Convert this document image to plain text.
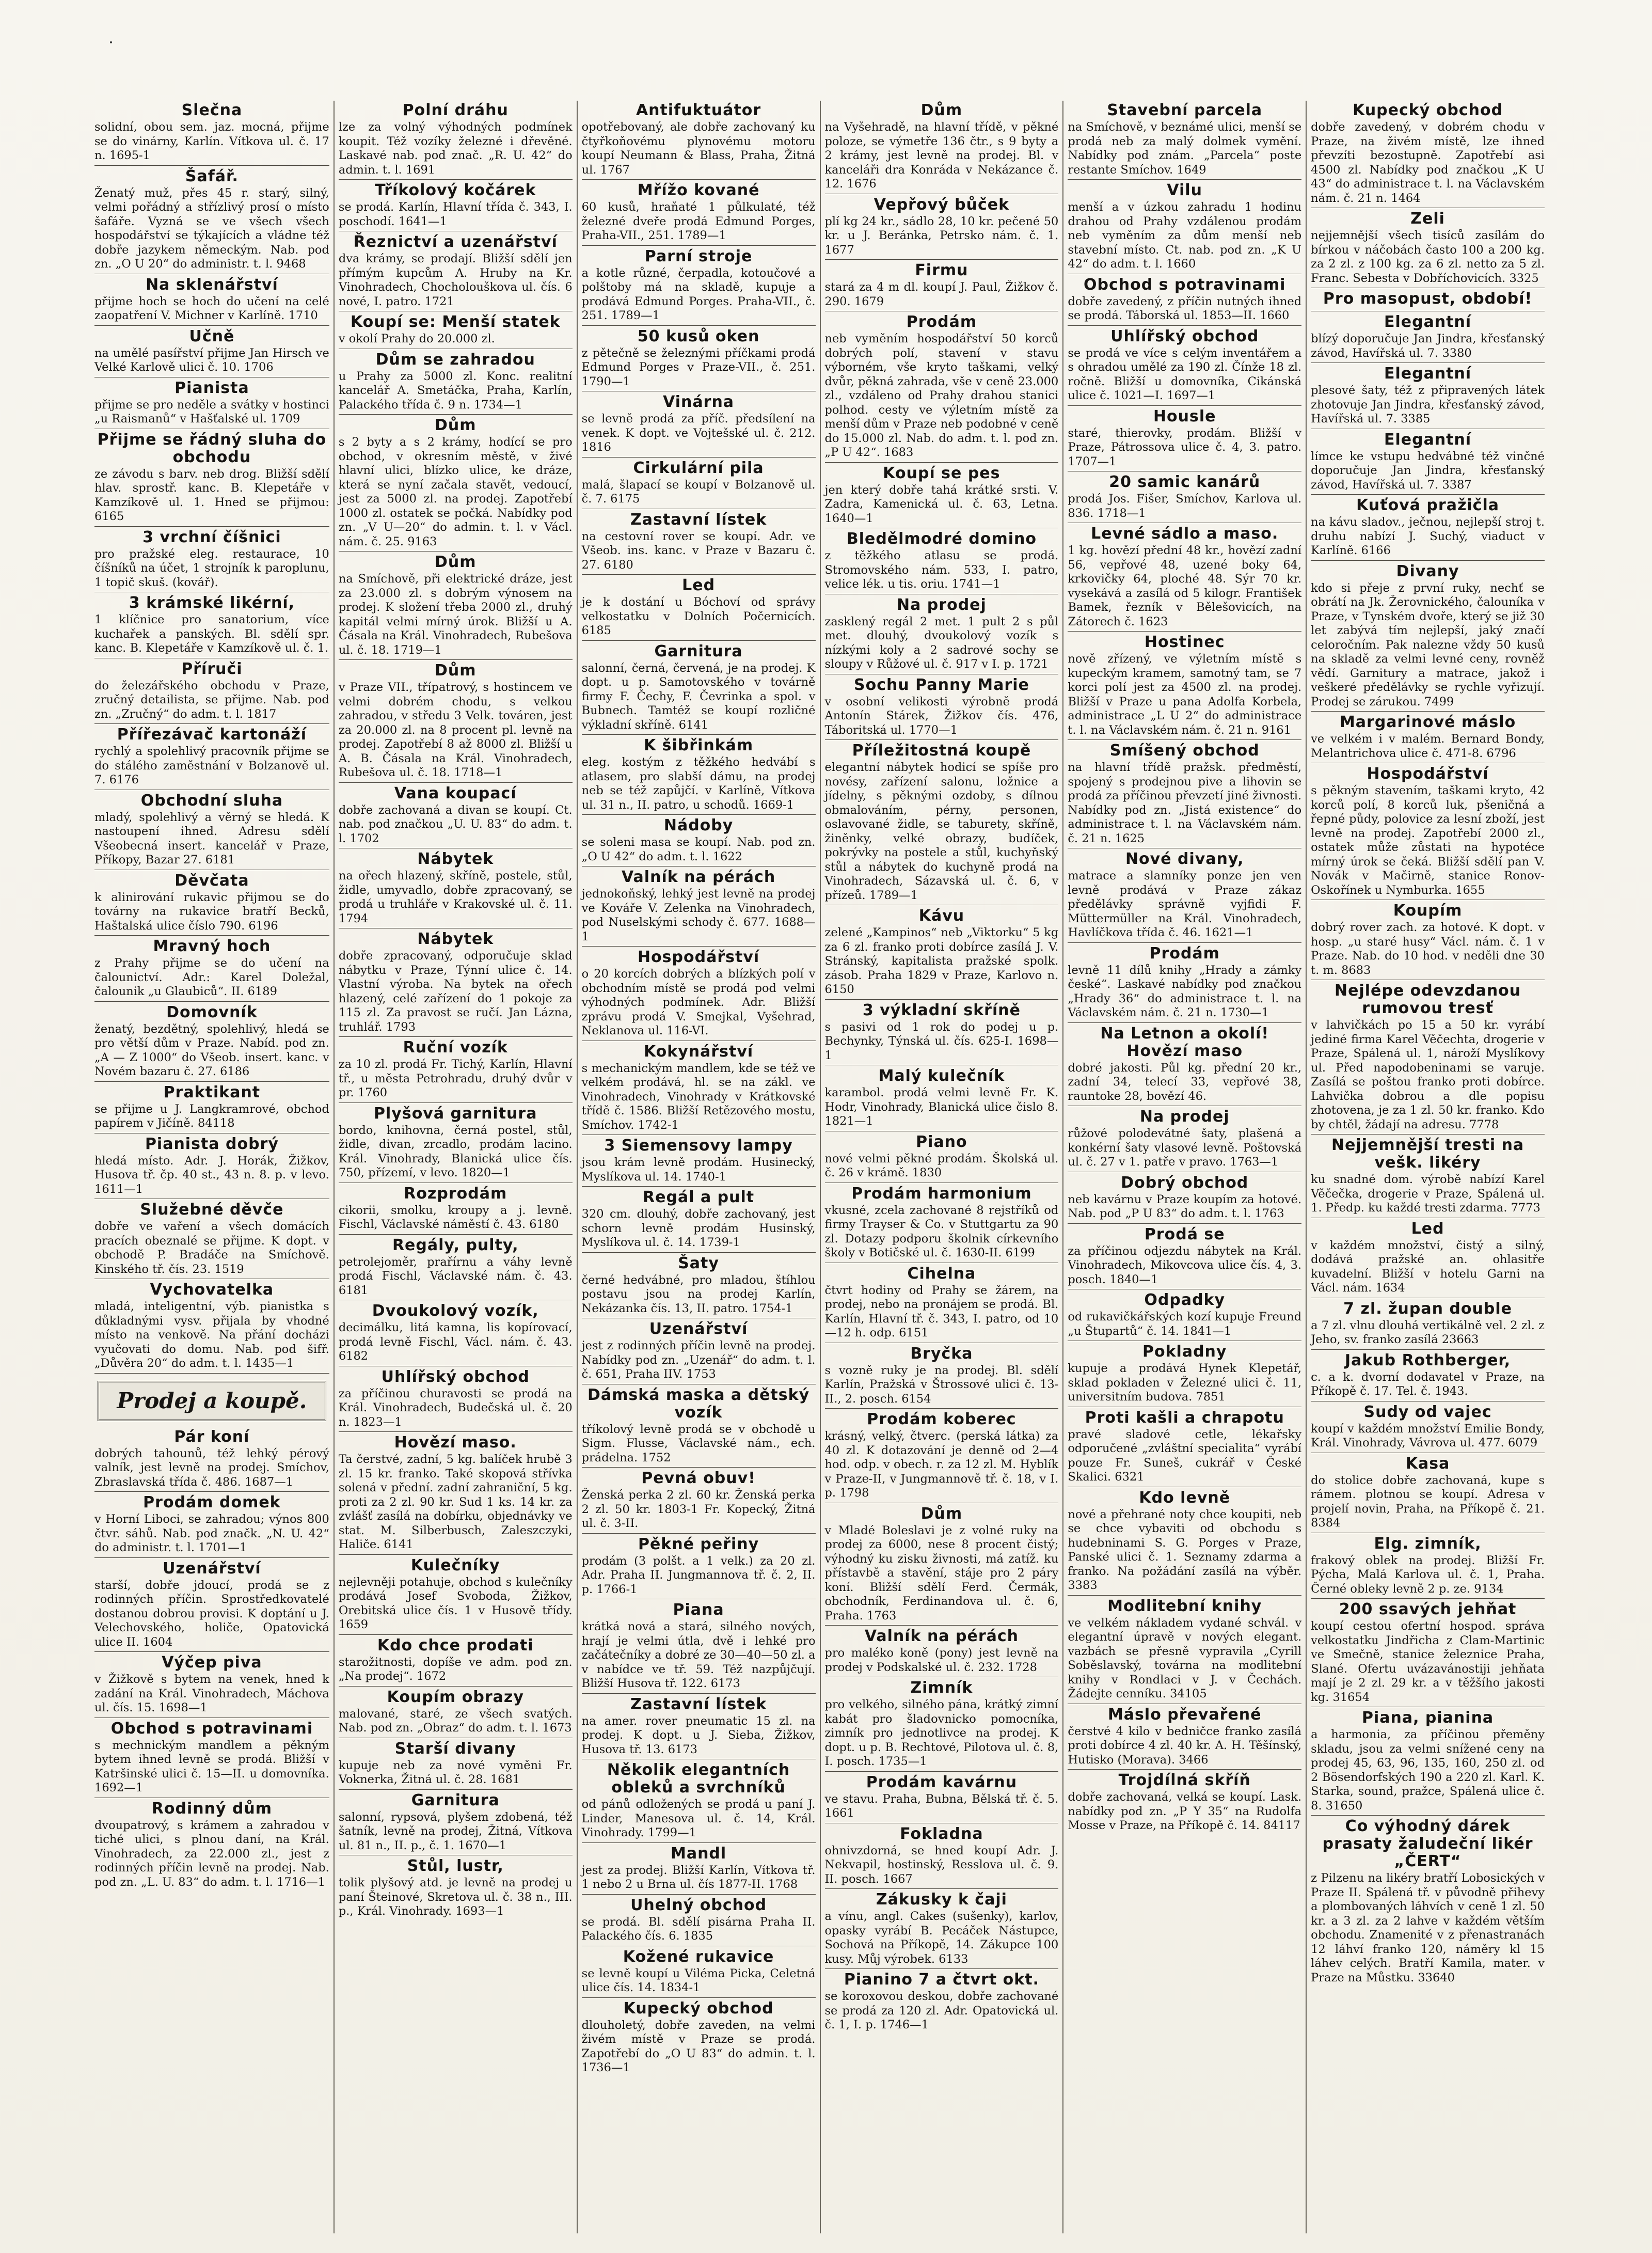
Slečna
solidní, obou sem. jaz. mocná, přijme se do vinárny, Karlín. Vítkova ul. č. 17 n. 1695-1
Šafář.
Ženatý muž, přes 45 r. starý, silný, velmi pořádný a střízlivý prosí o místo šafáře. Vyzná se ve všech všech hospodářství se týkajících a vládne též dobře jazykem německým. Nab. pod zn. „O U 20“ do administr. t. l. 9468
Na sklenářství
přijme hoch se hoch do učení na celé zaopatření V. Michner v Karlíně. 1710
Učně
na umělé pasířství přijme Jan Hirsch ve Velké Karlově ulici č. 10. 1706
Pianista
přijme se pro neděle a svátky v hostinci „u Raismanů“ v Hašťalské ul. 1709
Přijme se řádný sluha do obchodu
ze závodu s barv. neb drog. Bližší sdělí hlav. sprostř. kanc. B. Klepetáře v Kamzíkově ul. 1. Hned se přijmou: 6165
3 vrchní číšnici
pro pražské eleg. restaurace, 10 číšníků na účet, 1 strojník k paroplunu, 1 topič skuš. (kovář).
3 krámské likérní,
1 klíčnice pro sanatorium, více kuchařek a panských. Bl. sdělí spr. kanc. B. Klepetáře v Kamzíkově ul. č. 1.
Příruči
do železářského obchodu v Praze, zručný detailista, se přijme. Nab. pod zn. „Zručný“ do adm. t. l. 1817
Přířezávač kartonáží
rychlý a spolehlivý pracovník přijme se do stálého zaměstnání v Bolzanově ul. 7. 6176
Obchodní sluha
mladý, spolehlivý a věrný se hledá. K nastoupení ihned. Adresu sdělí Všeobecná insert. kancelář v Praze, Příkopy, Bazar 27. 6181
Děvčata
k alinirování rukavic přijmou se do továrny na rukavice bratří Becků, Haštalská ulice číslo 790. 6196
Mravný hoch
z Prahy přijme se do učení na čalounictví. Adr.: Karel Doležal, čalounik „u Glaubiců“. II. 6189
Domovník
ženatý, bezdětný, spolehlivý, hledá se pro větší dům v Praze. Nabíd. pod zn. „A — Z 1000“ do Všeob. insert. kanc. v Novém bazaru č. 27. 6186
Praktikant
se přijme u J. Langkramrové, obchod papírem v Jičíně. 84118
Pianista dobrý
hledá místo. Adr. J. Horák, Žižkov, Husova tř. čp. 40 st., 43 n. 8. p. v levo. 1611—1
Služebné děvče
dobře ve vaření a všech domácích pracích obeznalé se přijme. K dopt. v obchodě P. Bradáče na Smíchově. Kinského tř. čís. 23. 1519
Vychovatelka
mladá, inteligentní, výb. pianistka s důkladnými vysv. přijala by vhodné místo na venkově. Na přání docházi vyučovati do domu. Nab. pod šifř. „Důvěra 20“ do adm. t. l. 1435—1
Prodej a koupě.
Pár koní
dobrých tahounů, též lehký pérový valník, jest levně na prodej. Smíchov, Zbraslavská třída č. 486. 1687—1
Prodám domek
v Horní Liboci, se zahradou; výnos 800 čtvr. sáhů. Nab. pod značk. „N. U. 42“ do administr. t. l. 1701—1
Uzenářství
starší, dobře jdoucí, prodá se z rodinných příčin. Sprostředkovatelé dostanou dobrou provisi. K doptání u J. Velechovského, holiče, Opatovická ulice II. 1604
Výčep piva
v Žižkově s bytem na venek, hned k zadání na Král. Vinohradech, Máchova ul. čís. 15. 1698—1
Obchod s potravinami
s mechnickým mandlem a pěkným bytem ihned levně se prodá. Bližší v Katršinské ulici č. 15—II. u domovníka. 1692—1
Rodinný dům
dvoupatrový, s krámem a zahradou v tiché ulici, s plnou daní, na Král. Vinohradech, za 22.000 zl., jest z rodinných příčin levně na prodej. Nab. pod zn. „L. U. 83“ do adm. t. l. 1716—1
Polní dráhu
lze za volný výhodných podmínek koupit. Též vozíky železné i dřevěné. Laskavé nab. pod znač. „R. U. 42“ do admin. t. l. 1691
Tříkolový kočárek
se prodá. Karlín, Hlavní třída č. 343, I. poschodí. 1641—1
Řeznictví a uzenářství
dva krámy, se prodají. Bližší sdělí jen přímým kupcům A. Hruby na Kr. Vinohradech, Chocholouškova ul. čís. 6 nové, I. patro. 1721
Koupí se: Menší statek
v okolí Prahy do 20.000 zl.
Dům se zahradou
u Prahy za 5000 zl. Konc. realitní kancelář A. Smetáčka, Praha, Karlín, Palackého třída č. 9 n. 1734—1
Dům
s 2 byty a s 2 krámy, hodící se pro obchod, v okresním městě, v živé hlavní ulici, blízko ulice, ke dráze, která se nyní začala stavět, vedoucí, jest za 5000 zl. na prodej. Zapotřebí 1000 zl. ostatek se počká. Nabídky pod zn. „V U—20“ do admin. t. l. v Václ. nám. č. 25. 9163
Dům
na Smíchově, při elektrické dráze, jest za 23.000 zl. s dobrým výnosem na prodej. K složení třeba 2000 zl., druhý kapitál velmi mírný úrok. Bližší u A. Čásala na Král. Vinohradech, Rubešova ul. č. 18. 1719—1
Dům
v Praze VII., třípatrový, s hostincem ve velmi dobrém chodu, s velkou zahradou, v středu 3 Velk. továren, jest za 20.000 zl. na 8 procent pl. levně na prodej. Zapotřebí 8 až 8000 zl. Bližší u A. B. Čásala na Král. Vinohradech, Rubešova ul. č. 18. 1718—1
Vana koupací
dobře zachovaná a divan se koupí. Ct. nab. pod značkou „U. U. 83“ do adm. t. l. 1702
Nábytek
na ořech hlazený, skříně, postele, stůl, židle, umyvadlo, dobře zpracovaný, se prodá u truhláře v Krakovské ul. č. 11. 1794
Nábytek
dobře zpracovaný, odporučuje sklad nábytku v Praze, Týnní ulice č. 14. Vlastní výroba. Na bytek na ořech hlazený, celé zařízení do 1 pokoje za 115 zl. Za pravost se ručí. Jan Lázna, truhlář. 1793
Ruční vozík
za 10 zl. prodá Fr. Tichý, Karlín, Hlavní tř., u města Petrohradu, druhý dvůr v pr. 1760
Plyšová garnitura
bordo, knihovna, černá postel, stůl, židle, divan, zrcadlo, prodám lacino. Král. Vinohrady, Blanická ulice čís. 750, přízemí, v levo. 1820—1
Rozprodám
cikorii, smolku, kroupy a j. levně. Fischl, Václavské náměstí č. 43. 6180
Regály, pulty,
petrolejoměr, prařírnu a váhy levně prodá Fischl, Václavské nám. č. 43. 6181
Dvoukolový vozík,
decimálku, litá kamna, lis kopírovací, prodá levně Fischl, Václ. nám. č. 43. 6182
Uhlířský obchod
za příčinou churavosti se prodá na Král. Vinohradech, Budečská ul. č. 20 n. 1823—1
Hovězí maso.
Ta čerstvé, zadní, 5 kg. balíček hrubě 3 zl. 15 kr. franko. Také skopová střívka solená v přední. zadní zahraniční, 5 kg. proti za 2 zl. 90 kr. Sud 1 ks. 14 kr. za zvlášť zasílá na dobírku, objednávky ve stat. M. Silberbusch, Zaleszczyki, Haliče. 6141
Kulečníky
nejlevněji potahuje, obchod s kulečníky prodává Josef Svoboda, Žižkov, Orebitská ulice čís. 1 v Husově třídy. 1659
Kdo chce prodati
starožitnosti, dopíše ve adm. pod zn. „Na prodej“. 1672
Koupím obrazy
malované, staré, ze všech svatých. Nab. pod zn. „Obraz“ do adm. t. l. 1673
Starší divany
kupuje neb za nové vyměni Fr. Voknerka, Žitná ul. č. 28. 1681
Garnitura
salonní, rypsová, plyšem zdobená, též šatník, levně na prodej, Žitná, Vítkova ul. 81 n., II. p., č. 1. 1670—1
Stůl, lustr,
tolik plyšový atd. je levně na prodej u paní Šteinové, Skretova ul. č. 38 n., III. p., Král. Vinohrady. 1693—1
Antifuktuátor
opotřebovaný, ale dobře zachovaný ku čtyřkoňovému plynovému motoru koupí Neumann & Blass, Praha, Žitná ul. 1767
Mřížo kované
60 kusů, hraňaté 1 půlkulaté, též železné dveře prodá Edmund Porges, Praha-VII., 251. 1789—1
Parní stroje
a kotle různé, čerpadla, kotoučové a polštoby má na skladě, kupuje a prodává Edmund Porges. Praha-VII., č. 251. 1789—1
50 kusů oken
z pětečně se železnými příčkami prodá Edmund Porges v Praze-VII., č. 251. 1790—1
Vinárna
se levně prodá za příč. předsílení na venek. K dopt. ve Vojtešské ul. č. 212. 1816
Cirkulární pila
malá, šlapací se koupí v Bolzanově ul. č. 7. 6175
Zastavní lístek
na cestovní rover se koupí. Adr. ve Všeob. ins. kanc. v Praze v Bazaru č. 27. 6180
Led
je k dostání u Bóchoví od správy velkostatku v Dolních Počernicích. 6185
Garnitura
salonní, černá, červená, je na prodej. K dopt. u p. Samotovského v továrně firmy F. Čechy, F. Čevrinka a spol. v Bubnech. Tamtéž se koupí rozličné výkladní skříně. 6141
K šibřinkám
eleg. kostým z těžkého hedvábí s atlasem, pro slabší dámu, na prodej neb se též zapůjčí. v Karlíně, Vítkova ul. 31 n., II. patro, u schodů. 1669-1
Nádoby
se soleni masa se koupí. Nab. pod zn. „O U 42“ do adm. t. l. 1622
Valník na pérách
jednokoňský, lehký jest levně na prodej ve Kováře V. Zelenka na Vinohradech, pod Nuselskými schody č. 677. 1688—1
Hospodářství
o 20 korcích dobrých a blízkých polí v obchodním místě se prodá pod velmi výhodných podmínek. Adr. Bližší zprávu prodá V. Smejkal, Vyšehrad, Neklanova ul. 116-VI.
Kokynářství
s mechanickým mandlem, kde se též ve velkém prodává, hl. se na zákl. ve Vinohradech, Vinohrady v Krátkovské třídě č. 1586. Bližší Retězového mostu, Smíchov. 1742-1
3 Siemensovy lampy
jsou krám levně prodám. Husinecký, Myslíkova ul. 14. 1740-1
Regál a pult
320 cm. dlouhý, dobře zachovaný, jest schorn levně prodám Husinský, Myslíkova ul. č. 14. 1739-1
Šaty
černé hedvábné, pro mladou, štíhlou postavu jsou na prodej Karlín, Nekázanka čís. 13, II. patro. 1754-1
Uzenářství
jest z rodinných příčin levně na prodej. Nabídky pod zn. „Uzenář“ do adm. t. l. č. 651, Praha IIV. 1753
Dámská maska a dětský vozík
tříkolový levně prodá se v obchodě u Sigm. Flusse, Václavské nám., ech. prádelna. 1752
Pevná obuv!
Ženská perka 2 zl. 60 kr. Ženská perka 2 zl. 50 kr. 1803-1 Fr. Kopecký, Žitná ul. č. 3-II.
Pěkné peřiny
prodám (3 polšt. a 1 velk.) za 20 zl. Adr. Praha II. Jungmannova tř. č. 2, II. p. 1766-1
Piana
krátká nová a stará, silného nových, hrají je velmi útla, dvě i lehké pro začátečníky a dobré ze 30—40—50 zl. a v nabídce ve tř. 59. Též nazpůjčují. Bližší Husova tř. 122. 6173
Zastavní lístek
na amer. rover pneumatic 15 zl. na prodej. K dopt. u J. Sieba, Žižkov, Husova tř. 13. 6173
Několik elegantních obleků a svrchníků
od pánů odložených se prodá u paní J. Linder, Manesova ul. č. 14, Král. Vinohrady. 1799—1
Mandl
jest za prodej. Bližší Karlín, Vítkova tř. 1 nebo 2 u Brna ul. čís 1877-II. 1768
Uhelný obchod
se prodá. Bl. sdělí pisárna Praha II. Palackého čís. 6. 1835
Kožené rukavice
se levně koupí u Viléma Picka, Celetná ulice čís. 14. 1834-1
Kupecký obchod
dlouholetý, dobře zaveden, na velmi živém místě v Praze se prodá. Zapotřebí do „O U 83“ do admin. t. l. 1736—1
Dům
na Vyšehradě, na hlavní třídě, v pěkné poloze, se výmetře 136 čtr., s 9 byty a 2 krámy, jest levně na prodej. Bl. v kanceláři dra Konráda v Nekázance č. 12. 1676
Vepřový bůček
plí kg 24 kr., sádlo 28, 10 kr. pečené 50 kr. u J. Beránka, Petrsko nám. č. 1. 1677
Firmu
stará za 4 m dl. koupí J. Paul, Žižkov č. 290. 1679
Prodám
neb vyměním hospodářství 50 korců dobrých polí, stavení v stavu výborném, vše kryto taškami, velký dvůr, pěkná zahrada, vše v ceně 23.000 zl., vzdáleno od Prahy drahou stanici polhod. cesty ve výletním místě za menší dům v Praze neb podobné v ceně do 15.000 zl. Nab. do adm. t. l. pod zn. „P U 42“. 1683
Koupí se pes
jen který dobře tahá krátké srsti. V. Zadra, Kamenická ul. č. 63, Letna. 1640—1
Bledělmodré domino
z těžkého atlasu se prodá. Stromovského nám. 533, I. patro, velice lék. u tis. oriu. 1741—1
Na prodej
zasklený regál 2 met. 1 pult 2 s půl met. dlouhý, dvoukolový vozík s nízkými koly a 2 sadrové sochy se sloupy v Růžové ul. č. 917 v I. p. 1721
Sochu Panny Marie
v osobní velikosti výrobně prodá Antonín Stárek, Žižkov čís. 476, Táboritská ul. 1770—1
Příležitostná koupě
elegantní nábytek hodicí se spíše pro novésy, zařízení salonu, ložnice a jídelny, s pěknými ozdoby, s dílnou obmalováním, pérny, personen, oslavované židle, se taburety, skříně, žiněnky, velké obrazy, budíček, pokrývky na postele a stůl, kuchyňský stůl a nábytek do kuchyně prodá na Vinohradech, Sázavská ul. č. 6, v přízeů. 1789—1
Kávu
zelené „Kampinos“ neb „Viktorku“ 5 kg za 6 zl. franko proti dobírce zasílá J. V. Stránský, kapitalista pražské spolk. zásob. Praha 1829 v Praze, Karlovo n. 6150
3 výkladní skříně
s pasivi od 1 rok do podej u p. Bechynky, Týnská ul. čís. 625-I. 1698—1
Malý kulečník
karambol. prodá velmi levně Fr. K. Hodr, Vinohrady, Blanická ulice čislo 8. 1821—1
Piano
nové velmi pěkné prodám. Školská ul. č. 26 v krámě. 1830
Prodám harmonium
vkusné, zcela zachované 8 rejstříků od firmy Trayser & Co. v Stuttgartu za 90 zl. Dotazy podporu školnik církevního školy v Botičské ul. č. 1630-II. 6199
Cihelna
čtvrt hodiny od Prahy se žárem, na prodej, nebo na pronájem se prodá. Bl. Karlín, Hlavní tř. č. 343, I. patro, od 10—12 h. odp. 6151
Bryčka
s vozně ruky je na prodej. Bl. sdělí Karlín, Pražská v Štrossové ulici č. 13-II., 2. posch. 6154
Prodám koberec
krásný, velký, čtverc. (perská látka) za 40 zl. K dotazování je denně od 2—4 hod. odp. v obech. r. za 12 zl. M. Hyblík v Praze-II, v Jungmannově tř. č. 18, v I. p. 1798
Dům
v Mladé Boleslavi je z volné ruky na prodej za 6000, nese 8 procent čistý; výhodný ku zisku živnosti, má zatíž. ku přístavbě a stavění, stáje pro 2 páry koní. Bližší sdělí Ferd. Čermák, obchodník, Ferdinandova ul. č. 6, Praha. 1763
Valník na pérách
pro maléko koně (pony) jest levně na prodej v Podskalské ul. č. 232. 1728
Zimník
pro velkého, silného pána, krátký zimní kabát pro šladovnicko pomocníka, zimník pro jednotlivce na prodej. K dopt. u p. B. Rechtové, Pilotova ul. č. 8, I. posch. 1735—1
Prodám kavárnu
ve stavu. Praha, Bubna, Bělská tř. č. 5. 1661
Fokladna
ohnivzdorná, se hned koupí Adr. J. Nekvapil, hostinský, Resslova ul. č. 9. II. posch. 1667
Zákusky k čaji
a vínu, angl. Cakes (sušenky), karlov, opasky vyrábí B. Pecáček Nástupce, Sochová na Příkopě, 14. Zákupce 100 kusy. Můj výrobek. 6133
Pianino 7 a čtvrt okt.
se koroxovou deskou, dobře zachované se prodá za 120 zl. Adr. Opatovická ul. č. 1, I. p. 1746—1
Stavební parcela
na Smíchově, v beznámé ulici, menší se prodá neb za malý dolmek vymění. Nabídky pod znám. „Parcela“ poste restante Smíchov. 1649
Vilu
menší a v úzkou zahradu 1 hodinu drahou od Prahy vzdálenou prodám neb vyměním za dům menší neb stavební místo. Ct. nab. pod zn. „K U 42“ do adm. t. l. 1660
Obchod s potravinami
dobře zavedený, z příčin nutných ihned se prodá. Táborská ul. 1853—II. 1660
Uhlířský obchod
se prodá ve více s celým inventářem a s ohradou umělé za 190 zl. Čínže 18 zl. ročně. Bližší u domovníka, Cikánská ulice č. 1021—I. 1697—1
Housle
staré, thierovky, prodám. Bližší v Praze, Pátrossova ulice č. 4, 3. patro. 1707—1
20 samic kanárů
prodá Jos. Fišer, Smíchov, Karlova ul. 836. 1718—1
Levné sádlo a maso.
1 kg. hovězí přední 48 kr., hovězí zadní 56, vepřové 48, uzené boky 64, krkovičky 64, ploché 48. Sýr 70 kr. vysekává a zasílá od 5 kilogr. František Bamek, řezník v Bělešovicích, na Zátorech č. 1623
Hostinec
nově zřízený, ve výletním místě s kupeckým kramem, samotný tam, se 7 korci polí jest za 4500 zl. na prodej. Bližší v Praze u pana Adolfa Korbela, administrace „L U 2“ do administrace t. l. na Václavském nám. č. 21 n. 9161
Smíšený obchod
na hlavní třídě pražsk. předměstí, spojený s prodejnou pive a lihovin se prodá za příčinou převzetí jiné živnosti. Nabídky pod zn. „Jistá existence“ do administrace t. l. na Václavském nám. č. 21 n. 1625
Nové divany,
matrace a slamníky ponze jen ven levně prodává v Praze zákaz předělávky správně vyjfidi F. Müttermüller na Král. Vinohradech, Havlíčkova třída č. 46. 1621—1
Prodám
levně 11 dílů knihy „Hrady a zámky české“. Laskavé nabídky pod značkou „Hrady 36“ do administrace t. l. na Václavském nám. č. 21 n. 1730—1
Na Letnon a okolí! Hovězí maso
dobré jakosti. Půl kg. přední 20 kr., zadní 34, telecí 33, vepřové 38, rauntoke 28, bovězí 46.
Na prodej
růžové polodevátné šaty, plašená a konkérní šaty vlasové levně. Poštovská ul. č. 27 v 1. patře v pravo. 1763—1
Dobrý obchod
neb kavárnu v Praze koupím za hotové. Nab. pod „P U 83“ do adm. t. l. 1763
Prodá se
za příčinou odjezdu nábytek na Král. Vinohradech, Mikovcova ulice čís. 4, 3. posch. 1840—1
Odpadky
od rukavičkářských kozí kupuje Freund „u Štupartů“ č. 14. 1841—1
Pokladny
kupuje a prodává Hynek Klepetář, sklad pokladen v Železné ulici č. 11, universitním budova. 7851
Proti kašli a chrapotu
pravé sladové cetle, lékařsky odporučené „zvláštní specialita“ vyrábí pouze Fr. Suneš, cukrář v České Skalici. 6321
Kdo levně
nové a přehrané noty chce koupiti, neb se chce vybaviti od obchodu s hudebninami S. G. Porges v Praze, Panské ulici č. 1. Seznamy zdarma a franko. Na požádání zasílá na výběr. 3383
Modlitební knihy
ve velkém nákladem vydané schvál. v elegantní úpravě v nových elegant. vazbách se přesně vypravila „Cyrill Soběslavský, továrna na modlitební knihy v Rondlaci v J. v Čechách. Žádejte cenníku. 34105
Máslo převařené
čerstvé 4 kilo v bedničce franko zasílá proti dobírce 4 zl. 40 kr. A. H. Těšínský, Hutisko (Morava). 3466
Trojdílná skříň
dobře zachovaná, velká se koupí. Lask. nabídky pod zn. „P Y 35“ na Rudolfa Mosse v Praze, na Příkopě č. 14. 84117
Kupecký obchod
dobře zavedený, v dobrém chodu v Praze, na živém místě, lze ihned převzíti bezostupně. Zapotřebí asi 4500 zl. Nabídky pod značkou „K U 43“ do administrace t. l. na Václavském nám. č. 21 n. 1464
Zeli
nejjemnější všech tisíců zasílám do bírkou v náčobách často 100 a 200 kg. za 2 zl. z 100 kg. za 6 zl. netto za 5 zl. Franc. Sebesta v Dobříchovicích. 3325
Pro masopust, období!
Elegantní
blízý doporučuje Jan Jindra, křesťanský závod, Havířská ul. 7. 3380
Elegantní
plesové šaty, též z připravených látek zhotovuje Jan Jindra, křesťanský závod, Havířská ul. 7. 3385
Elegantní
límce ke vstupu hedvábné též vinčné doporučuje Jan Jindra, křesťanský závod, Havířská ul. 7. 3387
Kuťová pražičla
na kávu sladov., ječnou, nejlepší stroj t. druhu nabízí J. Suchý, viaduct v Karlíně. 6166
Divany
kdo si přeje z první ruky, nechť se obrátí na Jk. Žerovnického, čalouníka v Praze, v Tynském dvoře, který se již 30 let zabývá tím nejlepší, jaký značí celoročním. Pak nalezne vždy 50 kusů na skladě za velmi levné ceny, rovněž vědí. Garnitury a matrace, jakož i veškeré předělávky se rychle vyřizují. Prodej se zárukou. 7499
Margarinové máslo
ve velkém i v malém. Bernard Bondy, Melantrichova ulice č. 471-8. 6796
Hospodářství
s pěkným stavením, taškami kryto, 42 korců polí, 8 korců luk, pšeničná a řepné půdy, polovice za lesní zboží, jest levně na prodej. Zapotřebí 2000 zl., ostatek může zůstati na hypotéce mírný úrok se čeká. Bližší sdělí pan V. Novák v Mačirně, stanice Ronov-Oskořínek u Nymburka. 1655
Koupím
dobrý rover zach. za hotové. K dopt. v hosp. „u staré husy“ Václ. nám. č. 1 v Praze. Nab. do 10 hod. v neděli dne 30 t. m. 8683
Nejlépe odevzdanou rumovou tresť
v lahvičkách po 15 a 50 kr. vyrábí jediné firma Karel Věčechta, drogerie v Praze, Spálená ul. 1, nároží Myslíkovy ul. Před napodobeninami se varuje. Zasílá se poštou franko proti dobírce. Lahvička dobrou a dle popisu zhotovena, je za 1 zl. 50 kr. franko. Kdo by chtěl, žádají na adresu. 7778
Nejjemnější tresti na vešk. likéry
ku snadné dom. výrobě nabízí Karel Věčečka, drogerie v Praze, Spálená ul. 1. Předp. ku každé tresti zdarma. 7773
Led
v každém množství, čistý a silný, dodává pražské an. ohlasitře kuvadelní. Bližší v hotelu Garni na Václ. nám. 1634
7 zl. župan double
a 7 zl. vlnu dlouhá vertikálně vel. 2 zl. z Jeho, sv. franko zasílá 23663
Jakub Rothberger,
c. a k. dvorní dodavatel v Praze, na Příkopě č. 17. Tel. č. 1943.
Sudy od vajec
koupí v každém množství Emilie Bondy, Král. Vinohrady, Vávrova ul. 477. 6079
Kasa
do stolice dobře zachovaná, kupe s rámem. plotnou se koupí. Adresa v projelí novin, Praha, na Příkopě č. 21. 8384
Elg. zimník,
frakový oblek na prodej. Bližší Fr. Pýcha, Malá Karlova ul. č. 1, Praha. Černé obleky levně 2 p. ze. 9134
200 ssavých jehňat
koupí cestou ofertní hospod. správa velkostatku Jindřicha z Clam-Martinic ve Smečně, stanice železnice Praha, Slané. Ofertu uvázavánostiji jehňata mají je 2 zl. 29 kr. a v těžšího jakosti kg. 31654
Piana, pianina
a harmonia, za příčinou přeměny skladu, jsou za velmi snížené ceny na prodej 45, 63, 96, 135, 160, 250 zl. od 2 Bösendorfských 190 a 220 zl. Karl. K. Starka, sound, pražce, Spálená ulice č. 8. 31650
Co výhodný dárek prasaty žaludeční likér „ČERT“
z Pilzenu na likéry bratří Lobosických v Praze II. Spálená tř. v původně přihevy a plombovaných láhvích v ceně 1 zl. 50 kr. a 3 zl. za 2 lahve v každém větším obchodu. Znamenité v z přenastranách 12 láhví franko 120, náměry kl 15 láhev celých. Bratří Kamila, mater. v Praze na Můstku. 33640
